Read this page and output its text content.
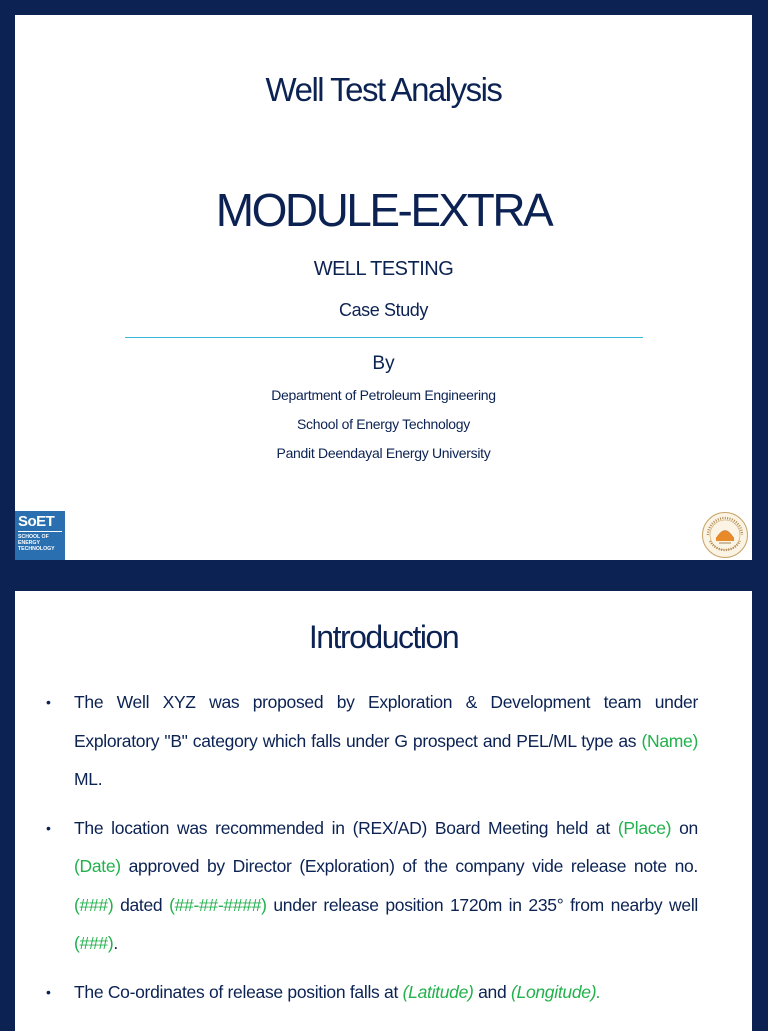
Well Test Analysis
MODULE-EXTRA
WELL TESTING
Case Study
By
Department of Petroleum Engineering
School of Energy Technology
Pandit Deendayal Energy University
SoET
SCHOOL OF
ENERGY
TECHNOLOGY
Introduction
• The Well XYZ was proposed by Exploration & Development team under Exploratory "B" category which falls under G prospect and PEL/ML type as (Name) ML.
• The location was recommended in (REX/AD) Board Meeting held at (Place) on (Date) approved by Director (Exploration) of the company vide release note no. (###) dated (##-##-####) under release position 1720m in 235° from nearby well (###).
• The Co-ordinates of release position falls at (Latitude) and (Longitude).
